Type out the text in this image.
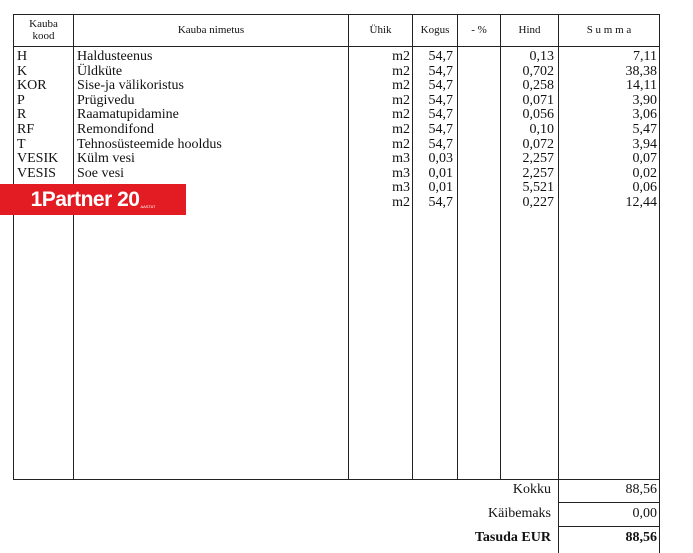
Kauba kood	Kauba nimetus	Ühik	Kogus - %	Hind	S u m m a
H	Haldusteenus	m2 54,7	0,13	7,11
K	Üldküte	m2 54,7	0,702	38,38
KOR Sise-ja välikoristus	m2 54,7	0,258	14,11
P	Prügivedu	m2 54,7	0,071	3,90
R	Raamatupidamine	m2 54,7	0,056	3,06
RF	Remondifond	m2 54,7	0,10	5,47
T	Tehnosüsteemide hooldus	m2 54,7	0,072	3,94
VESIK Külm vesi	m3 0,03	2,257	0,07
VESIS Soe vesi	m3 0,01	2,257	0,02
m3 0,01	5,521	0,06
m2 54,7	0,227	12,44
1Partner 20 AASTAT
Kokku	88,56
Käibemaks	0,00
Tasuda EUR	88,56
